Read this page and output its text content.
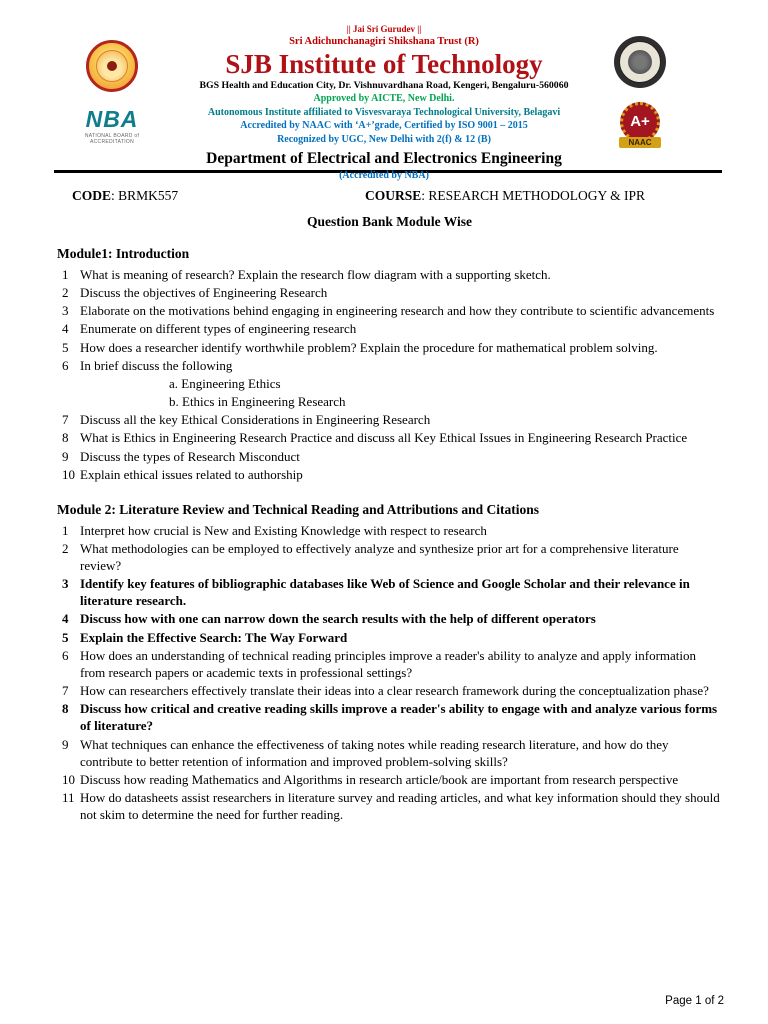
NBA
NATIONAL BOARD of ACCREDITATION
|| Jai Sri Gurudev ||
Sri Adichunchanagiri Shikshana Trust (R)
SJB Institute of Technology
BGS Health and Education City, Dr. Vishnuvardhana Road, Kengeri, Bengaluru-560060
Approved by AICTE, New Delhi.
Autonomous Institute affiliated to Visvesvaraya Technological University, Belagavi
Accredited by NAAC with ‘A+’grade, Certified by ISO 9001 – 2015
Recognized by UGC, New Delhi with 2(f) & 12 (B)
Department of Electrical and Electronics Engineering
(Accredited by NBA)
A+
NAAC
CODE: BRMK557	COURSE: RESEARCH METHODOLOGY & IPR
Question Bank Module Wise
Module1: Introduction
1 What is meaning of research? Explain the research flow diagram with a supporting sketch.
2 Discuss the objectives of Engineering Research
3 Elaborate on the motivations behind engaging in engineering research and how they contribute to scientific advancements
4 Enumerate on different types of engineering research
5 How does a researcher identify worthwhile problem? Explain the procedure for mathematical problem solving.
6 In brief discuss the following
a. Engineering Ethics
b. Ethics in Engineering Research
7 Discuss all the key Ethical Considerations in Engineering Research
8 What is Ethics in Engineering Research Practice and discuss all Key Ethical Issues in Engineering Research Practice
9 Discuss the types of Research Misconduct
10 Explain ethical issues related to authorship
Module 2: Literature Review and Technical Reading and Attributions and Citations
1 Interpret how crucial is New and Existing Knowledge with respect to research
2 What methodologies can be employed to effectively analyze and synthesize prior art for a comprehensive literature review?
3 Identify key features of bibliographic databases like Web of Science and Google Scholar and their relevance in literature research.
4 Discuss how with one can narrow down the search results with the help of different operators
5 Explain the Effective Search: The Way Forward
6 How does an understanding of technical reading principles improve a reader's ability to analyze and apply information from research papers or academic texts in professional settings?
7 How can researchers effectively translate their ideas into a clear research framework during the conceptualization phase?
8 Discuss how critical and creative reading skills improve a reader's ability to engage with and analyze various forms of literature?
9 What techniques can enhance the effectiveness of taking notes while reading research literature, and how do they contribute to better retention of information and improved problem-solving skills?
10 Discuss how reading Mathematics and Algorithms in research article/book are important from research perspective
11 How do datasheets assist researchers in literature survey and reading articles, and what key information should they should not skim to determine the need for further reading.
Page 1 of 2
